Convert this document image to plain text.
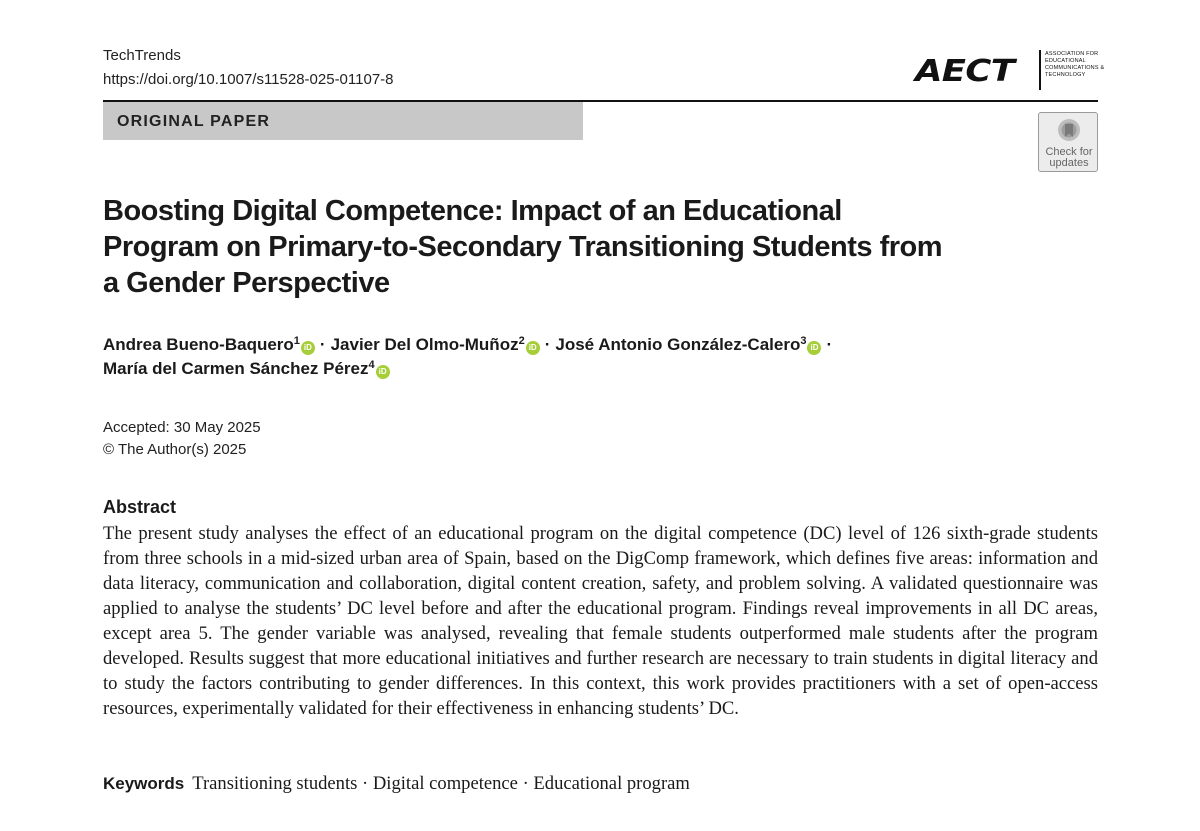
TechTrends
https://doi.org/10.1007/s11528-025-01107-8	AECT	ASSOCIATION FOR EDUCATIONAL COMMUNICATIONS & TECHNOLOGY
ORIGINAL PAPER
Check for
updates
Boosting Digital Competence: Impact of an Educational Program on Primary-to-Secondary Transitioning Students from a Gender Perspective
Andrea Bueno-Baquero$^1$iD · Javier Del Olmo-Muñoz$^2$iD · José Antonio González-Calero$^3$iD ·
María del Carmen Sánchez Pérez$^4$iD
Accepted: 30 May 2025
© The Author(s) 2025
Abstract

The present study analyses the effect of an educational program on the digital competence (DC) level of 126 sixth-grade students from three schools in a mid-sized urban area of Spain, based on the DigComp framework, which defines five areas: information and data literacy, communication and collaboration, digital content creation, safety, and problem solving. A validated questionnaire was applied to analyse the students’ DC level before and after the educational program. Findings reveal improvements in all DC areas, except area 5. The gender variable was analysed, revealing that female students outperformed male students after the program developed. Results suggest that more educational initiatives and further research are necessary to train students in digital literacy and to study the factors contributing to gender differences. In this context, this work provides practitioners with a set of open-access resources, experimentally validated for their effectiveness in enhancing students’ DC.

Keywords Transitioning students · Digital competence · Educational program
